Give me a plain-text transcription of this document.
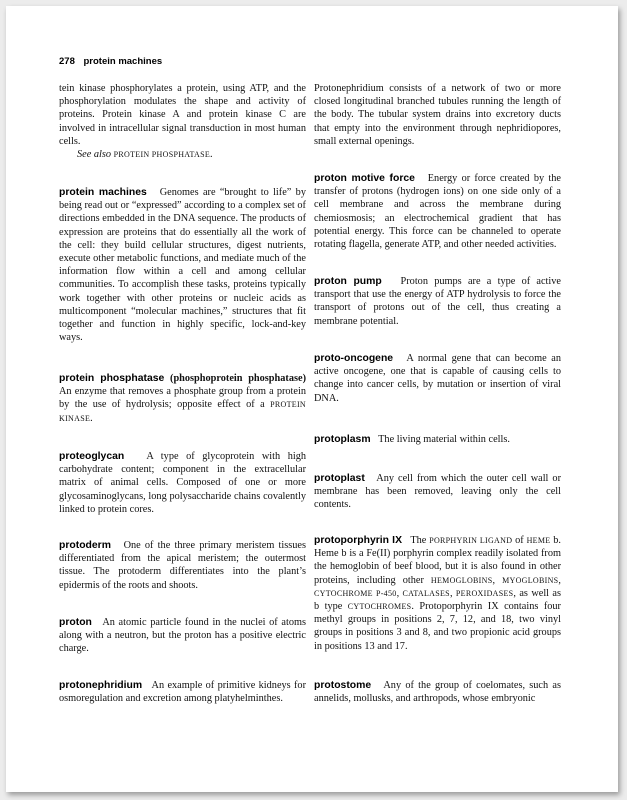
278 protein machines

tein kinase phosphorylates a protein, using ATP, and the phosphorylation modulates the shape and activity of proteins. Protein kinase A and protein kinase C are involved in intracellular signal transduction in most human cells.

See also PROTEIN PHOSPHATASE.

protein machines Genomes are “brought to life” by being read out or “expressed” according to a complex set of directions embedded in the DNA sequence. The products of expression are proteins that do essentially all the work of the cell: they build cellular structures, digest nutrients, execute other metabolic functions, and mediate much of the information flow within a cell and among cellular communities. To accomplish these tasks, proteins typically work together with other proteins or nucleic acids as multicomponent “molecular machines,” structures that fit together and function in highly specific, lock-and-key ways.

protein phosphatase (phosphoprotein phosphatase) An enzyme that removes a phosphate group from a protein by the use of hydrolysis; opposite effect of a PROTEIN KINASE.

proteoglycan A type of glycoprotein with high carbohydrate content; component in the extracellular matrix of animal cells. Composed of one or more glycosaminoglycans, long polysaccharide chains covalently linked to protein cores.

protoderm One of the three primary meristem tissues differentiated from the apical meristem; the outermost tissue. The protoderm differentiates into the plant’s epidermis of the roots and shoots.

proton An atomic particle found in the nuclei of atoms along with a neutron, but the proton has a positive electric charge.

protonephridium An example of primitive kidneys for osmoregulation and excretion among platyhelminthes.

Protonephridium consists of a network of two or more closed longitudinal branched tubules running the length of the body. The tubular system drains into excretory ducts that empty into the environment through nephridiopores, small external openings.

proton motive force Energy or force created by the transfer of protons (hydrogen ions) on one side only of a cell membrane and across the membrane during chemiosmosis; an electrochemical gradient that has potential energy. This force can be channeled to operate rotating flagella, generate ATP, and other needed activities.

proton pump Proton pumps are a type of active transport that use the energy of ATP hydrolysis to force the transport of protons out of the cell, thus creating a membrane potential.

proto-oncogene A normal gene that can become an active oncogene, one that is capable of causing cells to change into cancer cells, by mutation or insertion of viral DNA.

protoplasm The living material within cells.

protoplast Any cell from which the outer cell wall or membrane has been removed, leaving only the cell contents.

protoporphyrin IX The PORPHYRIN LIGAND of HEME b. Heme b is a Fe(II) porphyrin complex readily isolated from the hemoglobin of beef blood, but it is also found in other proteins, including other HEMOGLOBINS, MYOGLOBINS, CYTOCHROME P-450, CATALASES, PEROXIDASES, as well as b type CYTOCHROMES. Protoporphyrin IX contains four methyl groups in positions 2, 7, 12, and 18, two vinyl groups in positions 3 and 8, and two propionic acid groups in positions 13 and 17.

protostome Any of the group of coelomates, such as annelids, mollusks, and arthropods, whose embryonic
